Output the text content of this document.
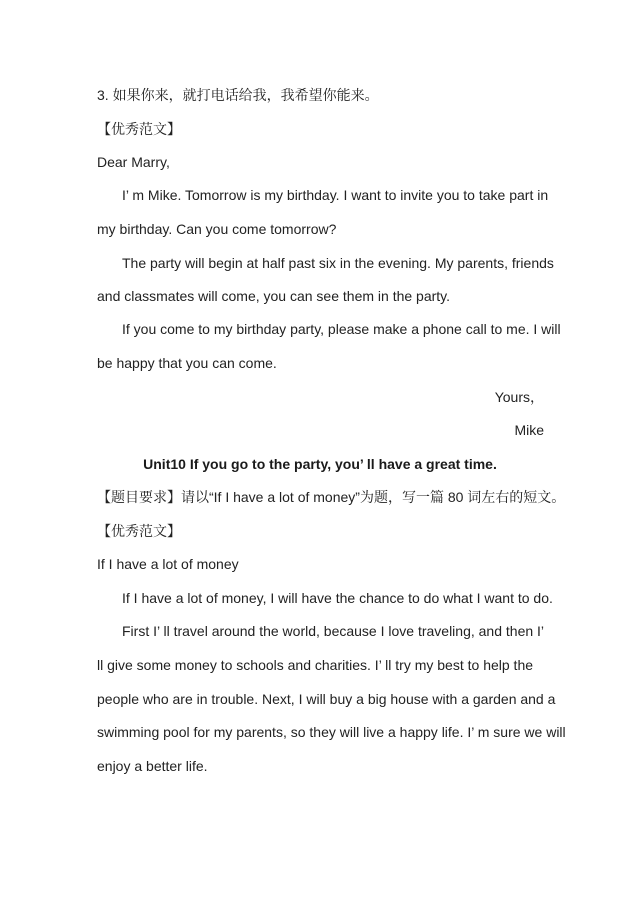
3. 如果你来，就打电话给我，我希望你能来。
【优秀范文】
Dear Marry,
I’ m Mike. Tomorrow is my birthday. I want to invite you to take part in
my birthday. Can you come tomorrow?
The party will begin at half past six in the evening. My parents, friends
and classmates will come, you can see them in the party.
If you come to my birthday party, please make a phone call to me. I will
be happy that you can come.
Yours，
Mike
Unit10 If you go to the party, you’ ll have a great time.
【题目要求】请以“If I have a lot of money”为题，写一篇 80 词左右的短文。
【优秀范文】
If I have a lot of money
If I have a lot of money, I will have the chance to do what I want to do.
First I’ ll travel around the world, because I love traveling, and then I’
ll give some money to schools and charities. I’ ll try my best to help the
people who are in trouble. Next, I will buy a big house with a garden and a
swimming pool for my parents, so they will live a happy life. I’ m sure we will
enjoy a better life.
